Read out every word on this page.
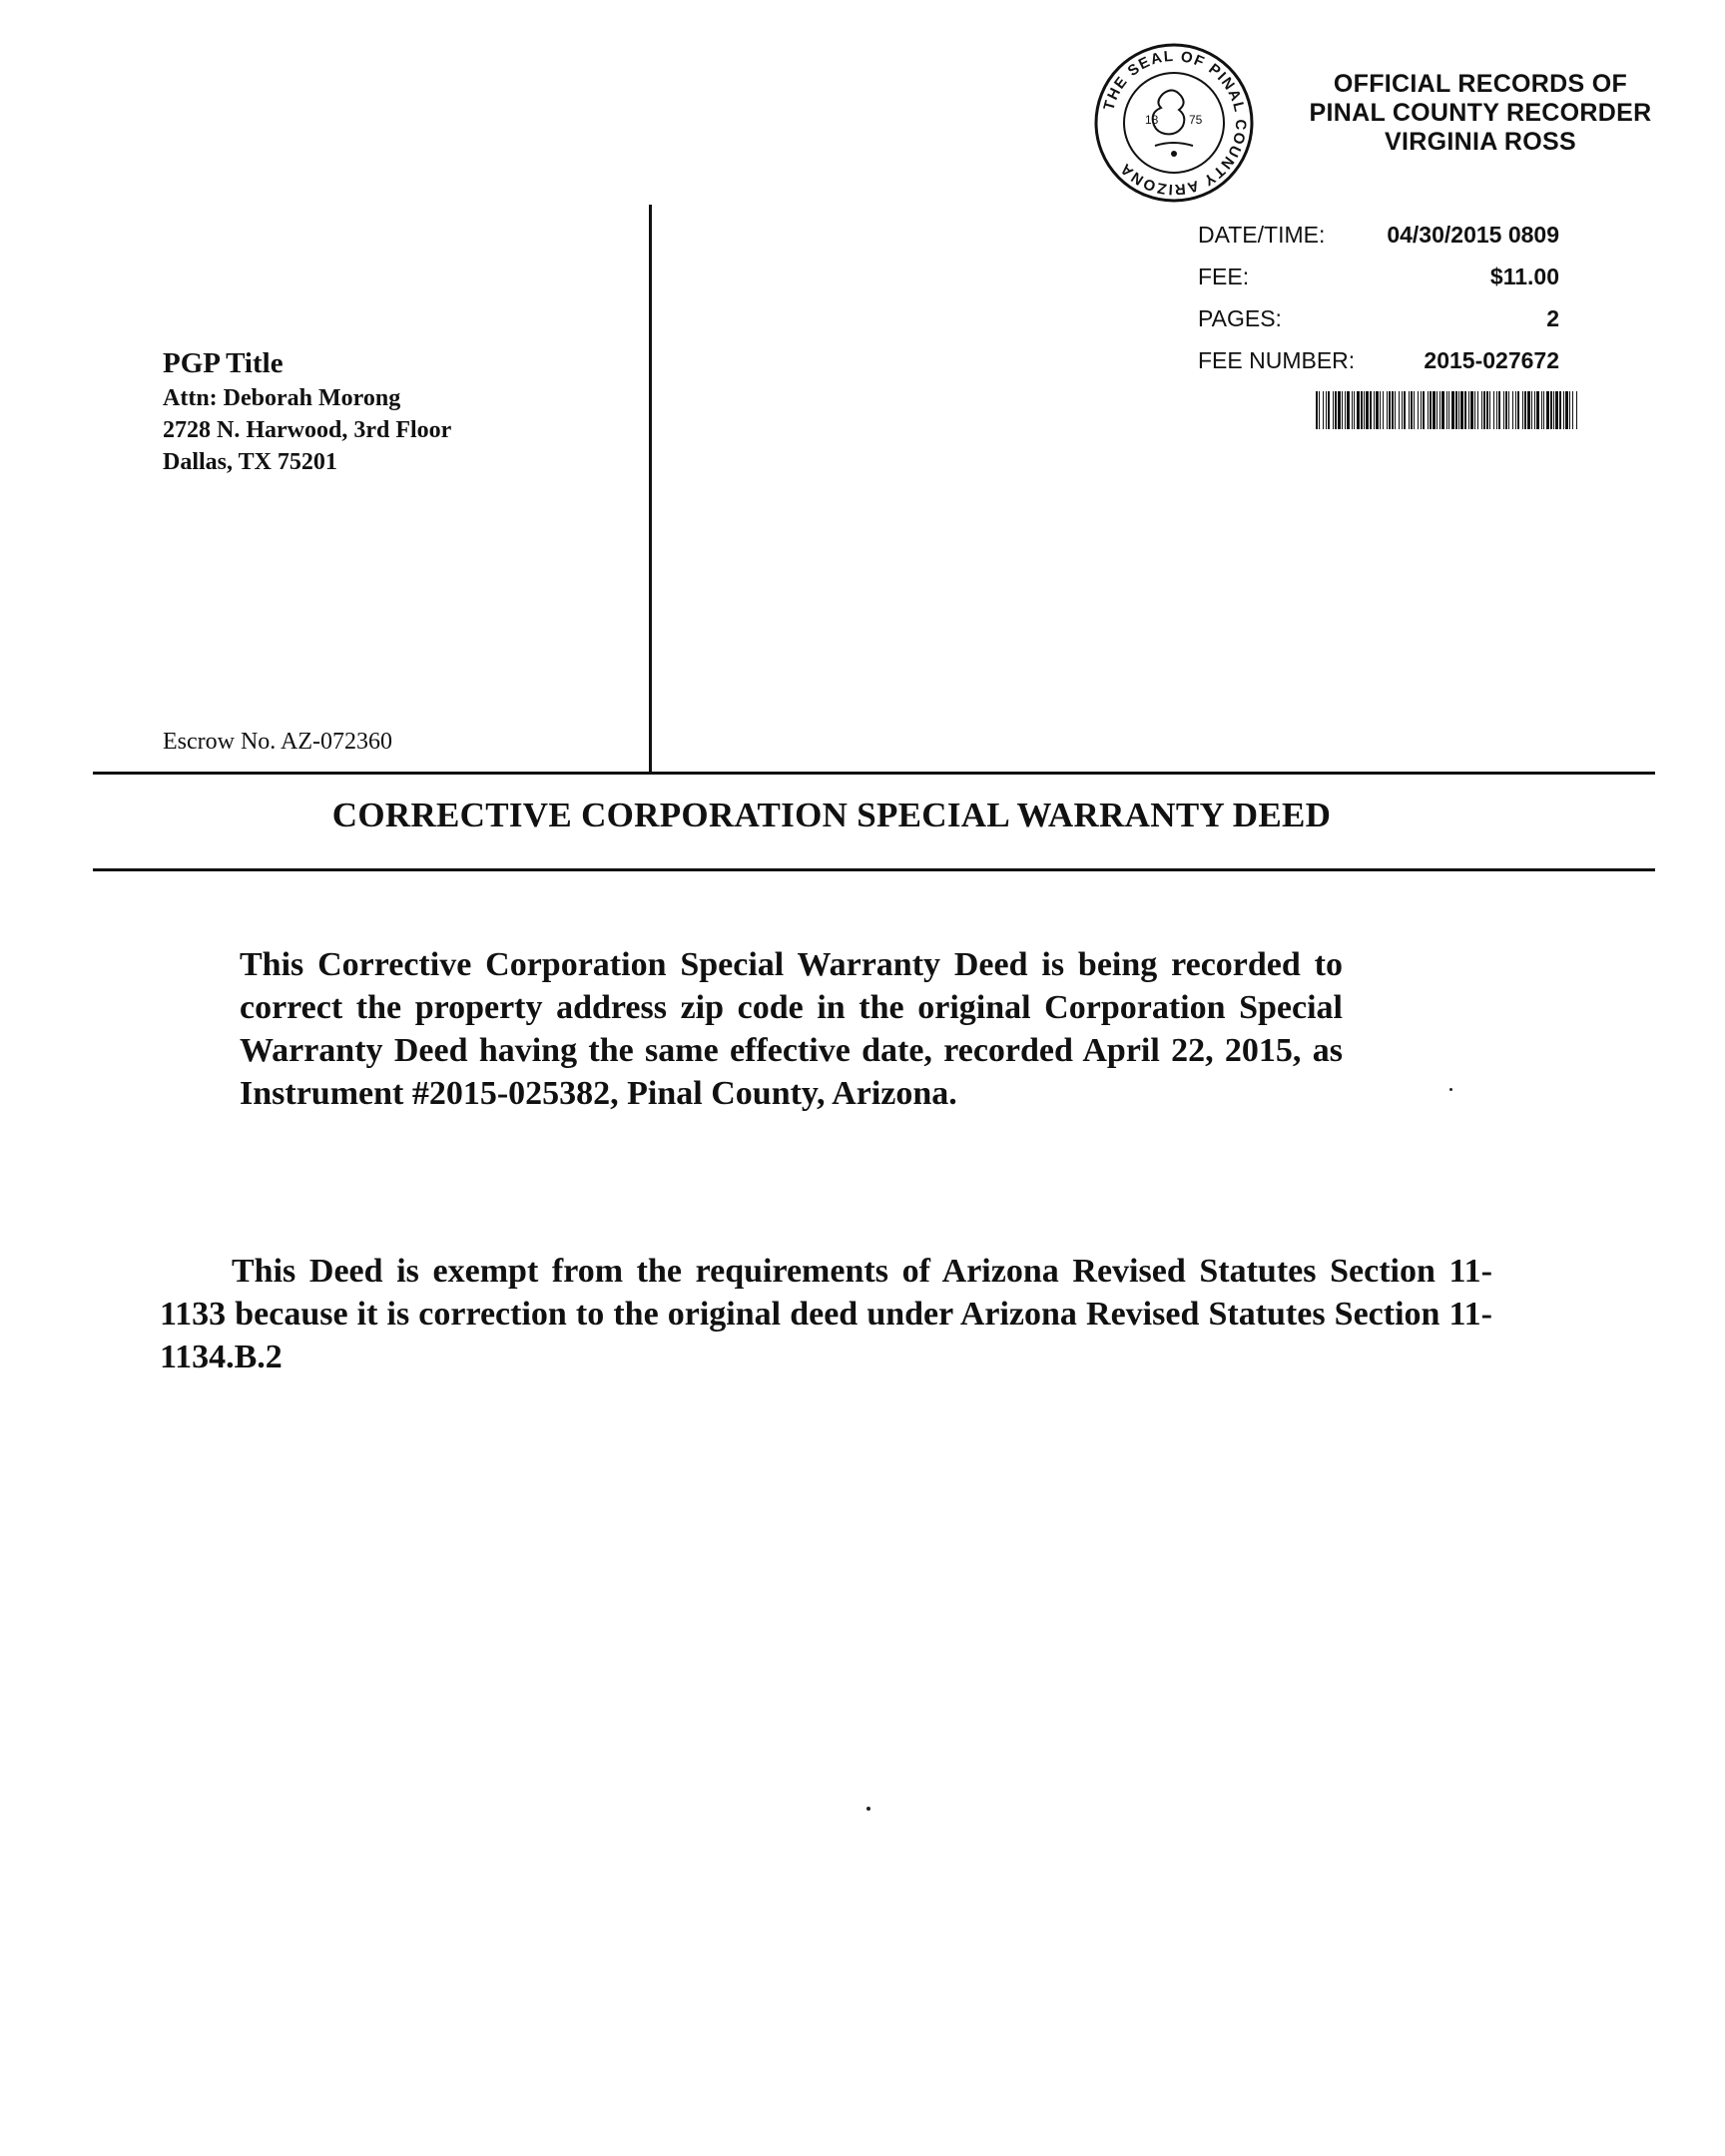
THE SEAL OF PINAL COUNTY ARIZONA
18	75
OFFICIAL RECORDS OF
PINAL COUNTY RECORDER
VIRGINIA ROSS
DATE/TIME:	04/30/2015 0809
FEE:	$11.00
PAGES:	2
FEE NUMBER:	2015-027672
PGP Title
Attn: Deborah Morong
2728 N. Harwood, 3rd Floor
Dallas, TX 75201
Escrow No. AZ-072360
CORRECTIVE CORPORATION SPECIAL WARRANTY DEED
This Corrective Corporation Special Warranty Deed is being recorded to correct the property address zip code in the original Corporation Special Warranty Deed having the same effective date, recorded April 22, 2015, as Instrument #2015-025382, Pinal County, Arizona.
This Deed is exempt from the requirements of Arizona Revised Statutes Section 11-1133 because it is correction to the original deed under Arizona Revised Statutes Section 11-1134.B.2
